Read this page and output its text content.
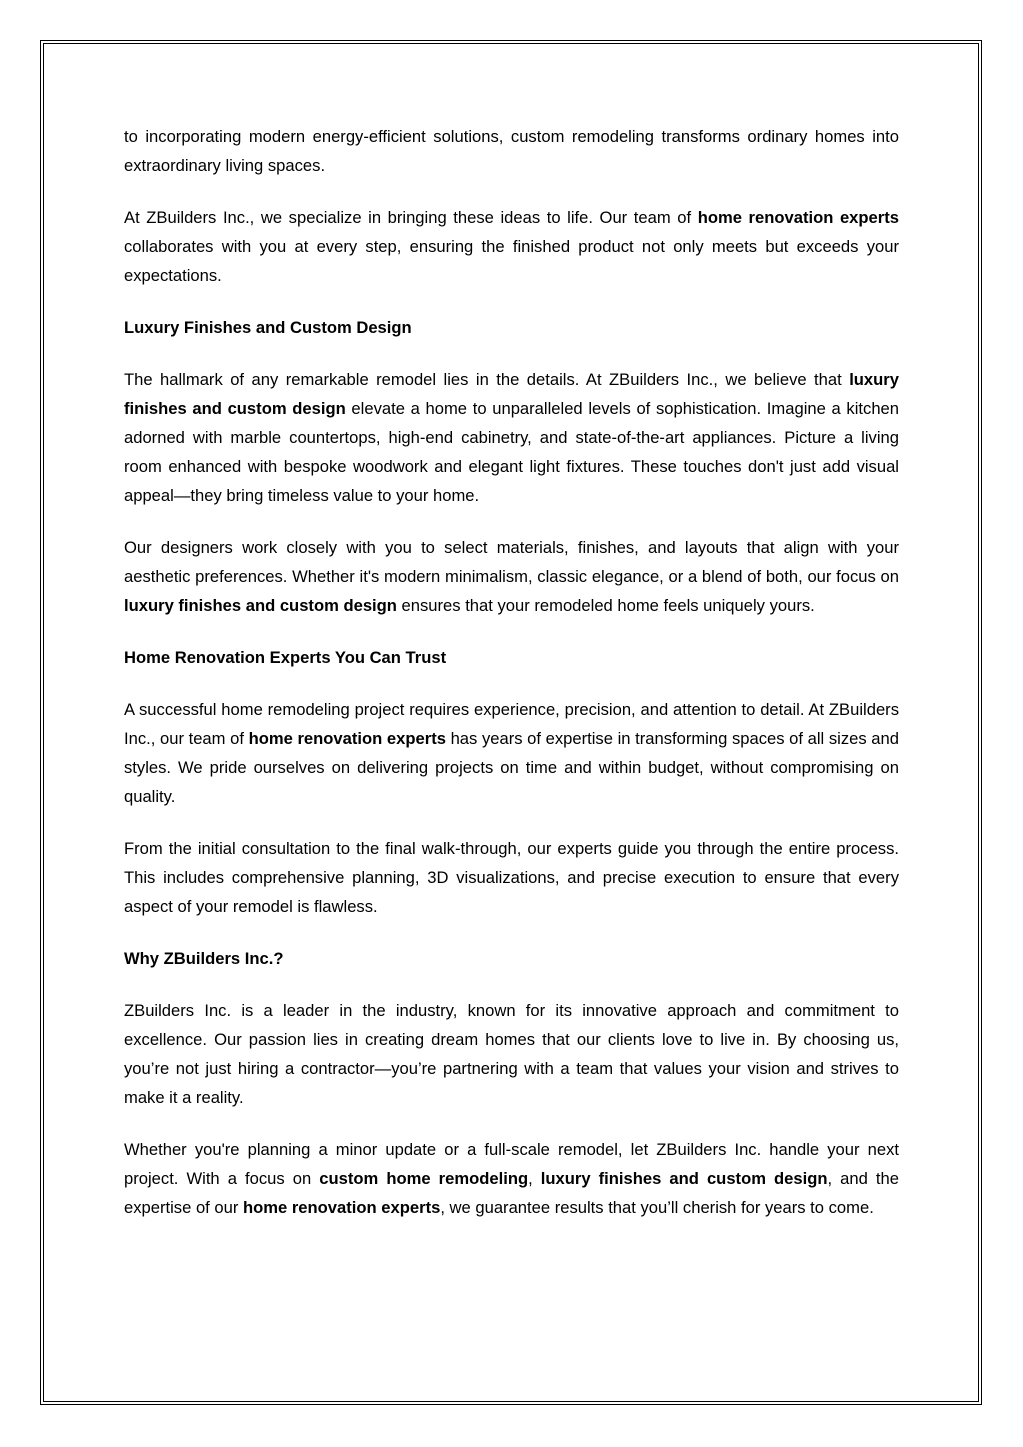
to incorporating modern energy-efficient solutions, custom remodeling transforms ordinary homes into extraordinary living spaces.

At ZBuilders Inc., we specialize in bringing these ideas to life. Our team of home renovation experts collaborates with you at every step, ensuring the finished product not only meets but exceeds your expectations.

Luxury Finishes and Custom Design

The hallmark of any remarkable remodel lies in the details. At ZBuilders Inc., we believe that luxury finishes and custom design elevate a home to unparalleled levels of sophistication. Imagine a kitchen adorned with marble countertops, high-end cabinetry, and state-of-the-art appliances. Picture a living room enhanced with bespoke woodwork and elegant light fixtures. These touches don't just add visual appeal—they bring timeless value to your home.

Our designers work closely with you to select materials, finishes, and layouts that align with your aesthetic preferences. Whether it's modern minimalism, classic elegance, or a blend of both, our focus on luxury finishes and custom design ensures that your remodeled home feels uniquely yours.

Home Renovation Experts You Can Trust

A successful home remodeling project requires experience, precision, and attention to detail. At ZBuilders Inc., our team of home renovation experts has years of expertise in transforming spaces of all sizes and styles. We pride ourselves on delivering projects on time and within budget, without compromising on quality.

From the initial consultation to the final walk-through, our experts guide you through the entire process. This includes comprehensive planning, 3D visualizations, and precise execution to ensure that every aspect of your remodel is flawless.

Why ZBuilders Inc.?

ZBuilders Inc. is a leader in the industry, known for its innovative approach and commitment to excellence. Our passion lies in creating dream homes that our clients love to live in. By choosing us, you’re not just hiring a contractor—you’re partnering with a team that values your vision and strives to make it a reality.

Whether you're planning a minor update or a full-scale remodel, let ZBuilders Inc. handle your next project. With a focus on custom home remodeling, luxury finishes and custom design, and the expertise of our home renovation experts, we guarantee results that you’ll cherish for years to come.
